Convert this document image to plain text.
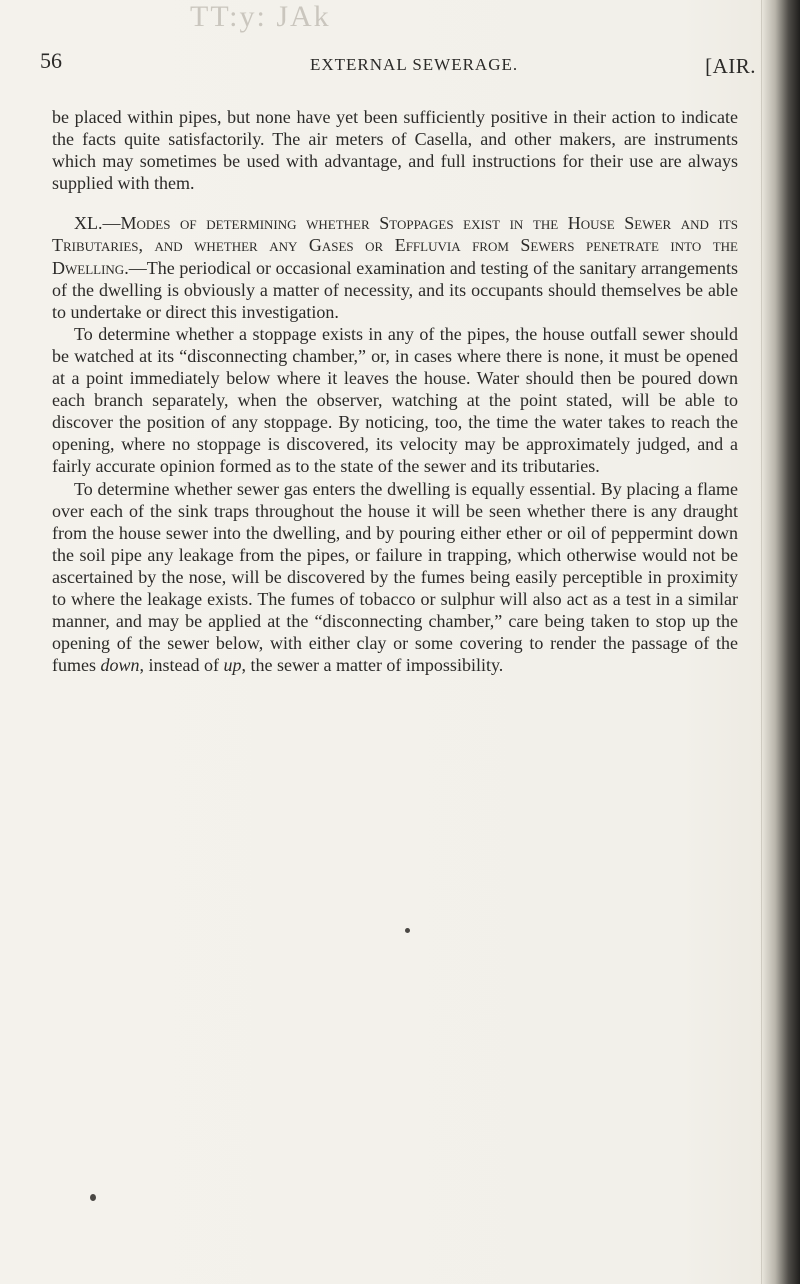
TT:y: JAk
56	EXTERNAL SEWERAGE.	[AIR.

be placed within pipes, but none have yet been sufficiently positive in their action to indicate the facts quite satisfactorily. The air meters of Casella, and other makers, are instruments which may sometimes be used with advantage, and full instructions for their use are always supplied with them.

XL.—Modes of determining whether Stoppages exist in the House Sewer and its Tributaries, and whether any Gases or Effluvia from Sewers penetrate into the Dwelling.—The periodical or occasional examination and testing of the sanitary arrangements of the dwelling is obviously a matter of necessity, and its occupants should themselves be able to undertake or direct this investigation.

To determine whether a stoppage exists in any of the pipes, the house outfall sewer should be watched at its “disconnecting chamber,” or, in cases where there is none, it must be opened at a point immediately below where it leaves the house. Water should then be poured down each branch separately, when the observer, watching at the point stated, will be able to discover the position of any stoppage. By noticing, too, the time the water takes to reach the opening, where no stoppage is discovered, its velocity may be approximately judged, and a fairly accurate opinion formed as to the state of the sewer and its tributaries.

To determine whether sewer gas enters the dwelling is equally essential. By placing a flame over each of the sink traps throughout the house it will be seen whether there is any draught from the house sewer into the dwelling, and by pouring either ether or oil of peppermint down the soil pipe any leakage from the pipes, or failure in trapping, which otherwise would not be ascertained by the nose, will be discovered by the fumes being easily perceptible in proximity to where the leakage exists. The fumes of tobacco or sulphur will also act as a test in a similar manner, and may be applied at the “disconnecting chamber,” care being taken to stop up the opening of the sewer below, with either clay or some covering to render the passage of the fumes down, instead of up, the sewer a matter of impossibility.
